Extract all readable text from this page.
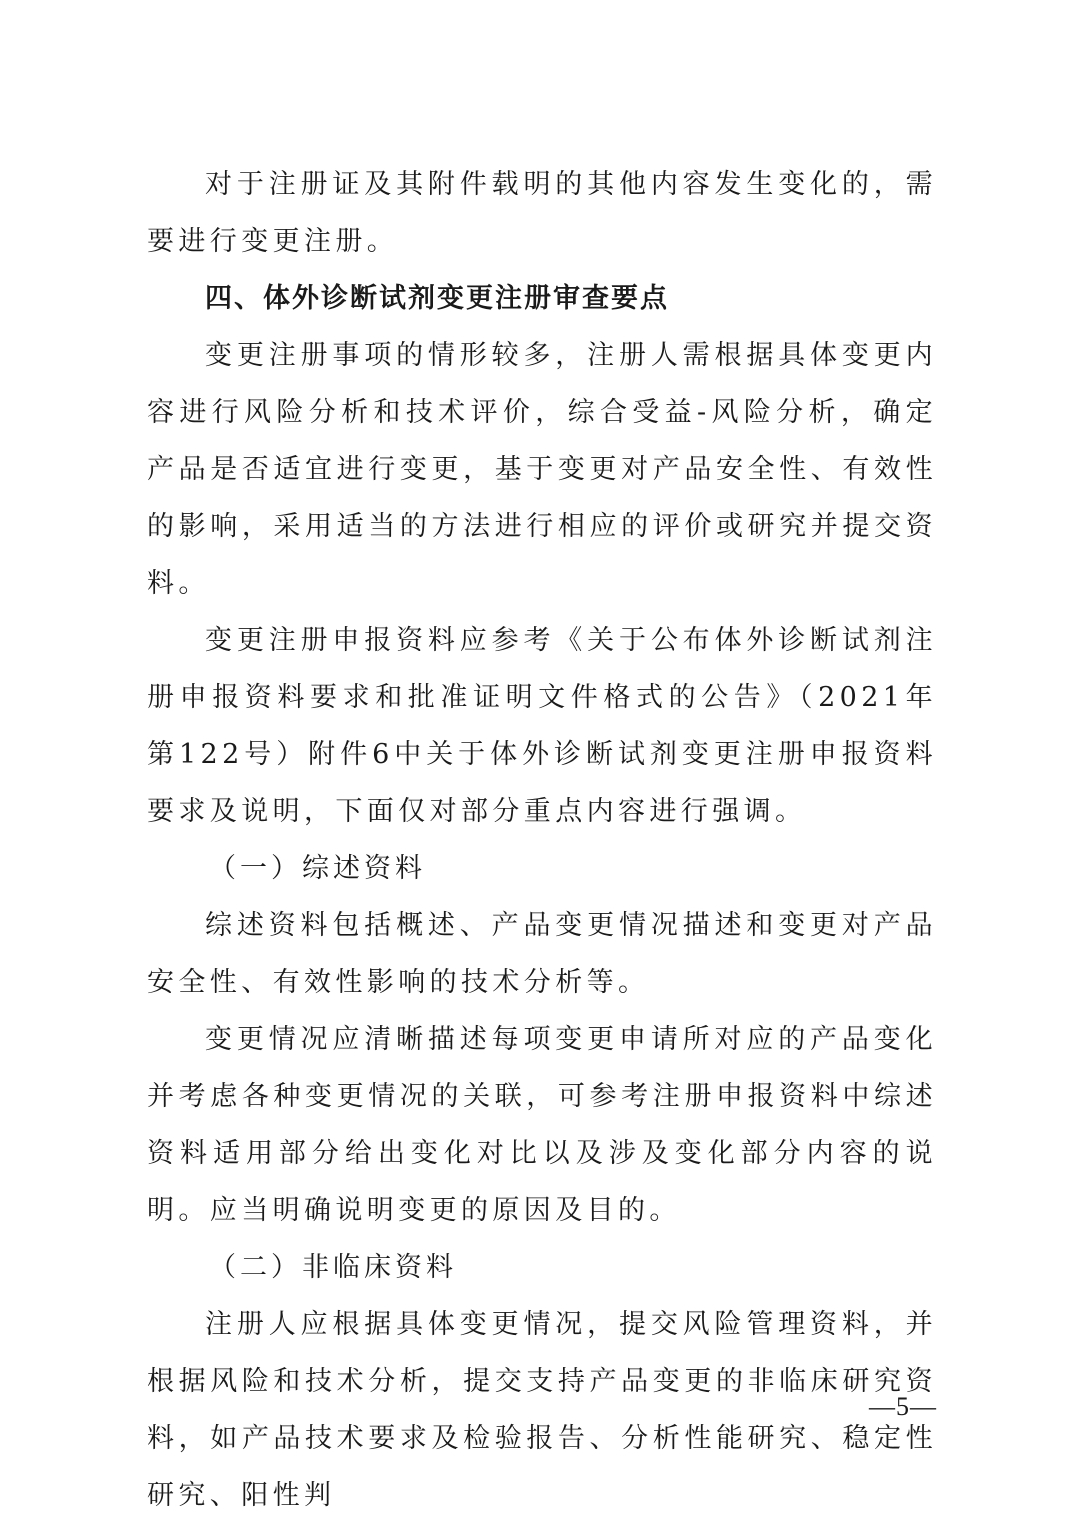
对于注册证及其附件载明的其他内容发生变化的，需要进行变更注册。

四、体外诊断试剂变更注册审查要点

变更注册事项的情形较多，注册人需根据具体变更内容进行风险分析和技术评价，综合受益-风险分析，确定产品是否适宜进行变更，基于变更对产品安全性、有效性的影响，采用适当的方法进行相应的评价或研究并提交资料。

变更注册申报资料应参考《关于公布体外诊断试剂注册申报资料要求和批准证明文件格式的公告》（2021年第122号）附件6中关于体外诊断试剂变更注册申报资料要求及说明，下面仅对部分重点内容进行强调。

（一）综述资料

综述资料包括概述、产品变更情况描述和变更对产品安全性、有效性影响的技术分析等。

变更情况应清晰描述每项变更申请所对应的产品变化并考虑各种变更情况的关联，可参考注册申报资料中综述资料适用部分给出变化对比以及涉及变化部分内容的说明。应当明确说明变更的原因及目的。

（二）非临床资料

注册人应根据具体变更情况，提交风险管理资料，并根据风险和技术分析，提交支持产品变更的非临床研究资料，如产品技术要求及检验报告、分析性能研究、稳定性研究、阳性判

—5—
